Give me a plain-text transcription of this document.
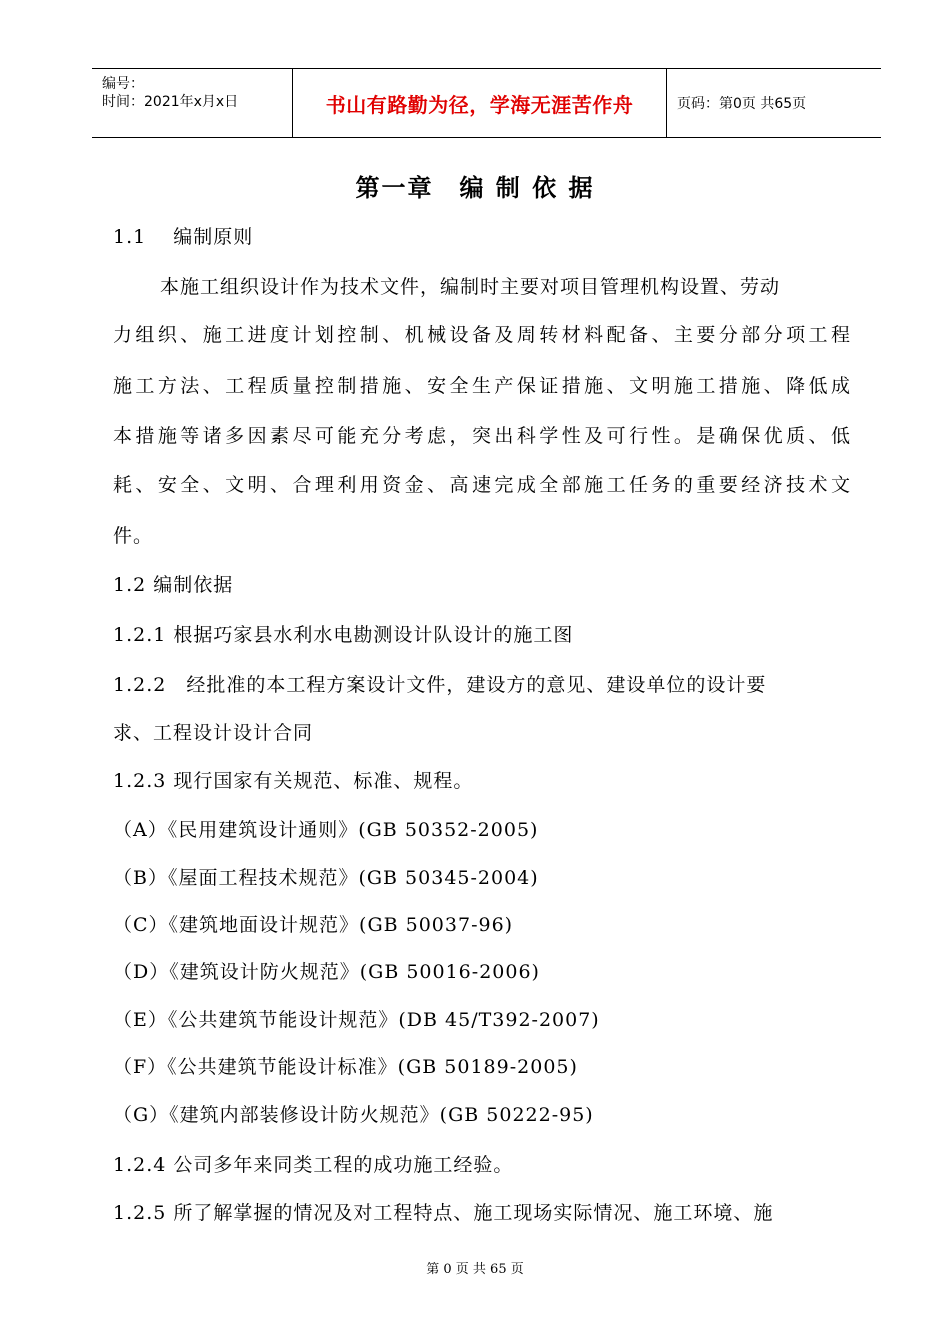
编号：
时间：2021年x月x日	书山有路勤为径，学海无涯苦作舟	页码：第0页 共65页
第一章　编 制 依 据
1.1　 编制原则
本施工组织设计作为技术文件，编制时主要对项目管理机构设置、劳动
力组织、施工进度计划控制、机械设备及周转材料配备、主要分部分项工程
施工方法、工程质量控制措施、安全生产保证措施、文明施工措施、降低成
本措施等诸多因素尽可能充分考虑，突出科学性及可行性。是确保优质、低
耗、安全、文明、合理利用资金、高速完成全部施工任务的重要经济技术文
件。
1.2 编制依据
1.2.1 根据巧家县水利水电勘测设计队设计的施工图
1.2.2　经批准的本工程方案设计文件，建设方的意见、建设单位的设计要
求、工程设计设计合同
1.2.3 现行国家有关规范、标准、规程。
（A）《民用建筑设计通则》(GB 50352-2005)
（B）《屋面工程技术规范》(GB 50345-2004)
（C）《建筑地面设计规范》(GB 50037-96)
（D）《建筑设计防火规范》(GB 50016-2006)
（E）《公共建筑节能设计规范》(DB 45/T392-2007)
（F）《公共建筑节能设计标准》(GB 50189-2005)
（G）《建筑内部装修设计防火规范》(GB 50222-95)
1.2.4 公司多年来同类工程的成功施工经验。
1.2.5 所了解掌握的情况及对工程特点、施工现场实际情况、施工环境、施
第 0 页 共 65 页
